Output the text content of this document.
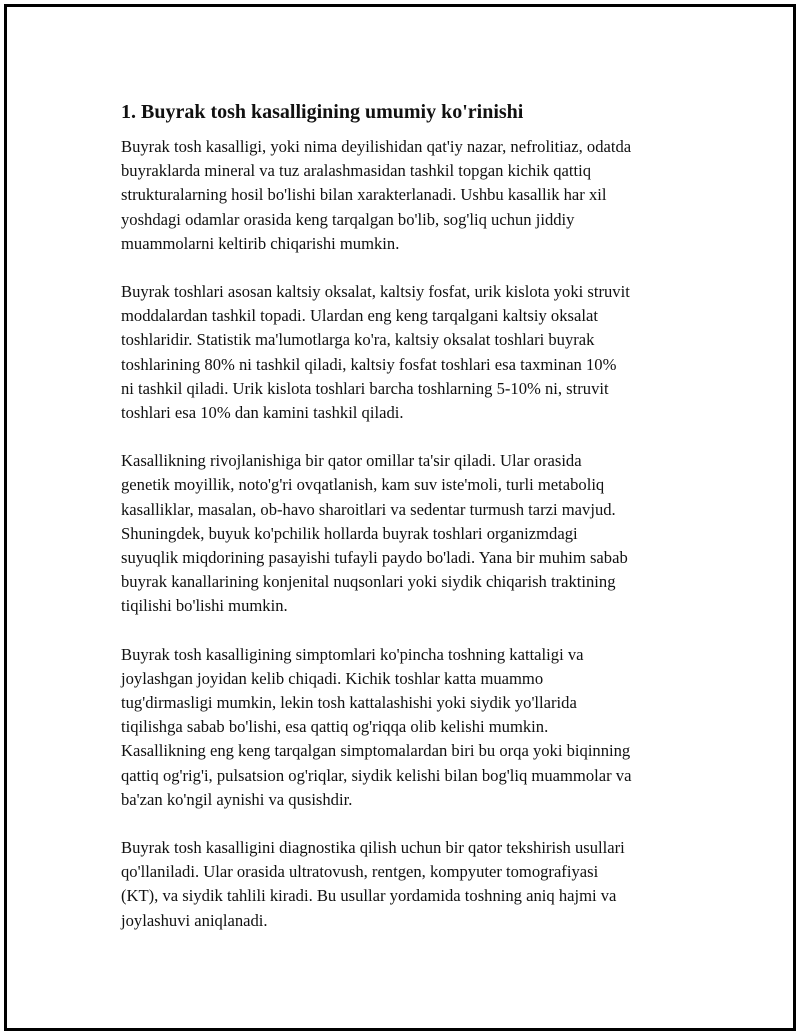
1. Buyrak tosh kasalligining umumiy ko'rinishi

Buyrak tosh kasalligi, yoki nima deyilishidan qat'iy nazar, nefrolitiaz, odatda
buyraklarda mineral va tuz aralashmasidan tashkil topgan kichik qattiq
strukturalarning hosil bo'lishi bilan xarakterlanadi. Ushbu kasallik har xil
yoshdagi odamlar orasida keng tarqalgan bo'lib, sog'liq uchun jiddiy
muammolarni keltirib chiqarishi mumkin.

Buyrak toshlari asosan kaltsiy oksalat, kaltsiy fosfat, urik kislota yoki struvit
moddalardan tashkil topadi. Ulardan eng keng tarqalgani kaltsiy oksalat
toshlaridir. Statistik ma'lumotlarga ko'ra, kaltsiy oksalat toshlari buyrak
toshlarining 80% ni tashkil qiladi, kaltsiy fosfat toshlari esa taxminan 10%
ni tashkil qiladi. Urik kislota toshlari barcha toshlarning 5-10% ni, struvit
toshlari esa 10% dan kamini tashkil qiladi.

Kasallikning rivojlanishiga bir qator omillar ta'sir qiladi. Ular orasida
genetik moyillik, noto'g'ri ovqatlanish, kam suv iste'moli, turli metaboliq
kasalliklar, masalan, ob-havo sharoitlari va sedentar turmush tarzi mavjud.
Shuningdek, buyuk ko'pchilik hollarda buyrak toshlari organizmdagi
suyuqlik miqdorining pasayishi tufayli paydo bo'ladi. Yana bir muhim sabab
buyrak kanallarining konjenital nuqsonlari yoki siydik chiqarish traktining
tiqilishi bo'lishi mumkin.

Buyrak tosh kasalligining simptomlari ko'pincha toshning kattaligi va
joylashgan joyidan kelib chiqadi. Kichik toshlar katta muammo
tug'dirmasligi mumkin, lekin tosh kattalashishi yoki siydik yo'llarida
tiqilishga sabab bo'lishi, esa qattiq og'riqqa olib kelishi mumkin.
Kasallikning eng keng tarqalgan simptomalardan biri bu orqa yoki biqinning
qattiq og'rig'i, pulsatsion og'riqlar, siydik kelishi bilan bog'liq muammolar va
ba'zan ko'ngil aynishi va qusishdir.

Buyrak tosh kasalligini diagnostika qilish uchun bir qator tekshirish usullari
qo'llaniladi. Ular orasida ultratovush, rentgen, kompyuter tomografiyasi
(KT), va siydik tahlili kiradi. Bu usullar yordamida toshning aniq hajmi va
joylashuvi aniqlanadi.
